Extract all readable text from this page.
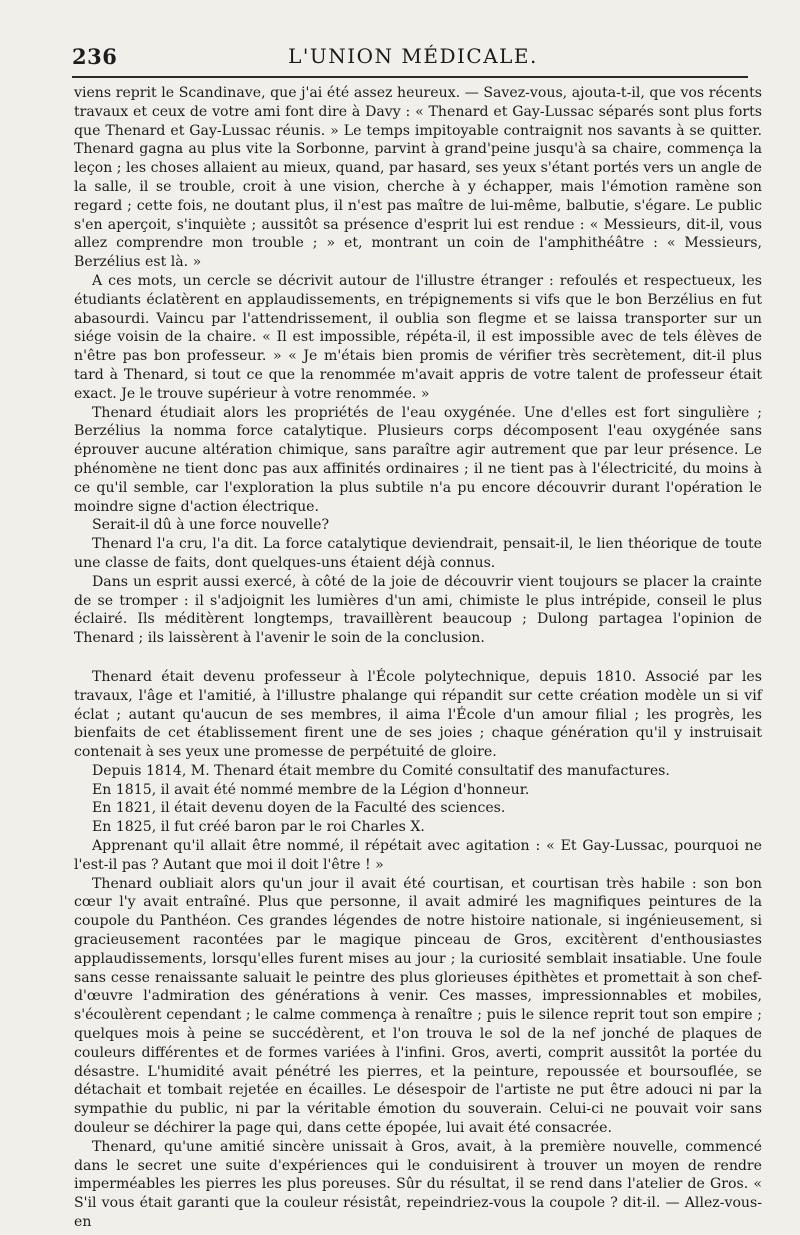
236	L'UNION MÉDICALE.

viens reprit le Scandinave, que j'ai été assez heureux. — Savez-vous, ajouta-t-il, que vos récents travaux et ceux de votre ami font dire à Davy : « Thenard et Gay-Lussac séparés sont plus forts que Thenard et Gay-Lussac réunis. » Le temps impitoyable contraignit nos savants à se quitter. Thenard gagna au plus vite la Sorbonne, parvint à grand'peine jusqu'à sa chaire, commença la leçon ; les choses allaient au mieux, quand, par hasard, ses yeux s'étant portés vers un angle de la salle, il se trouble, croit à une vision, cherche à y échapper, mais l'émotion ramène son regard ; cette fois, ne doutant plus, il n'est pas maître de lui-même, balbutie, s'égare. Le public s'en aperçoit, s'inquiète ; aussitôt sa présence d'esprit lui est rendue : « Messieurs, dit-il, vous allez comprendre mon trouble ; » et, montrant un coin de l'amphithéâtre : « Messieurs, Berzélius est là. »

A ces mots, un cercle se décrivit autour de l'illustre étranger : refoulés et respectueux, les étudiants éclatèrent en applaudissements, en trépignements si vifs que le bon Berzélius en fut abasourdi. Vaincu par l'attendrissement, il oublia son flegme et se laissa transporter sur un siége voisin de la chaire. « Il est impossible, répéta-il, il est impossible avec de tels élèves de n'être pas bon professeur. » « Je m'étais bien promis de vérifier très secrètement, dit-il plus tard à Thenard, si tout ce que la renommée m'avait appris de votre talent de professeur était exact. Je le trouve supérieur à votre renommée. »

Thenard étudiait alors les propriétés de l'eau oxygénée. Une d'elles est fort singulière ; Berzélius la nomma force catalytique. Plusieurs corps décomposent l'eau oxygénée sans éprouver aucune altération chimique, sans paraître agir autrement que par leur présence. Le phénomène ne tient donc pas aux affinités ordinaires ; il ne tient pas à l'électricité, du moins à ce qu'il semble, car l'exploration la plus subtile n'a pu encore découvrir durant l'opération le moindre signe d'action électrique.

Serait-il dû à une force nouvelle?

Thenard l'a cru, l'a dit. La force catalytique deviendrait, pensait-il, le lien théorique de toute une classe de faits, dont quelques-uns étaient déjà connus.

Dans un esprit aussi exercé, à côté de la joie de découvrir vient toujours se placer la crainte de se tromper : il s'adjoignit les lumières d'un ami, chimiste le plus intrépide, conseil le plus éclairé. Ils méditèrent longtemps, travaillèrent beaucoup ; Dulong partagea l'opinion de Thenard ; ils laissèrent à l'avenir le soin de la conclusion.

Thenard était devenu professeur à l'École polytechnique, depuis 1810. Associé par les travaux, l'âge et l'amitié, à l'illustre phalange qui répandit sur cette création modèle un si vif éclat ; autant qu'aucun de ses membres, il aima l'École d'un amour filial ; les progrès, les bienfaits de cet établissement firent une de ses joies ; chaque génération qu'il y instruisait contenait à ses yeux une promesse de perpétuité de gloire.

Depuis 1814, M. Thenard était membre du Comité consultatif des manufactures.

En 1815, il avait été nommé membre de la Légion d'honneur.

En 1821, il était devenu doyen de la Faculté des sciences.

En 1825, il fut créé baron par le roi Charles X.

Apprenant qu'il allait être nommé, il répétait avec agitation : « Et Gay-Lussac, pourquoi ne l'est-il pas ? Autant que moi il doit l'être ! »

Thenard oubliait alors qu'un jour il avait été courtisan, et courtisan très habile : son bon cœur l'y avait entraîné. Plus que personne, il avait admiré les magnifiques peintures de la coupole du Panthéon. Ces grandes légendes de notre histoire nationale, si ingénieusement, si gracieusement racontées par le magique pinceau de Gros, excitèrent d'enthousiastes applaudissements, lorsqu'elles furent mises au jour ; la curiosité semblait insatiable. Une foule sans cesse renaissante saluait le peintre des plus glorieuses épithètes et promettait à son chef-d'œuvre l'admiration des générations à venir. Ces masses, impressionnables et mobiles, s'écoulèrent cependant ; le calme commença à renaître ; puis le silence reprit tout son empire ; quelques mois à peine se succédèrent, et l'on trouva le sol de la nef jonché de plaques de couleurs différentes et de formes variées à l'infini. Gros, averti, comprit aussitôt la portée du désastre. L'humidité avait pénétré les pierres, et la peinture, repoussée et boursouflée, se détachait et tombait rejetée en écailles. Le désespoir de l'artiste ne put être adouci ni par la sympathie du public, ni par la véritable émotion du souverain. Celui-ci ne pouvait voir sans douleur se déchirer la page qui, dans cette épopée, lui avait été consacrée.

Thenard, qu'une amitié sincère unissait à Gros, avait, à la première nouvelle, commencé dans le secret une suite d'expériences qui le conduisirent à trouver un moyen de rendre imperméables les pierres les plus poreuses. Sûr du résultat, il se rend dans l'atelier de Gros. « S'il vous était garanti que la couleur résistât, repeindriez-vous la coupole ? dit-il. — Allez-vous-en
